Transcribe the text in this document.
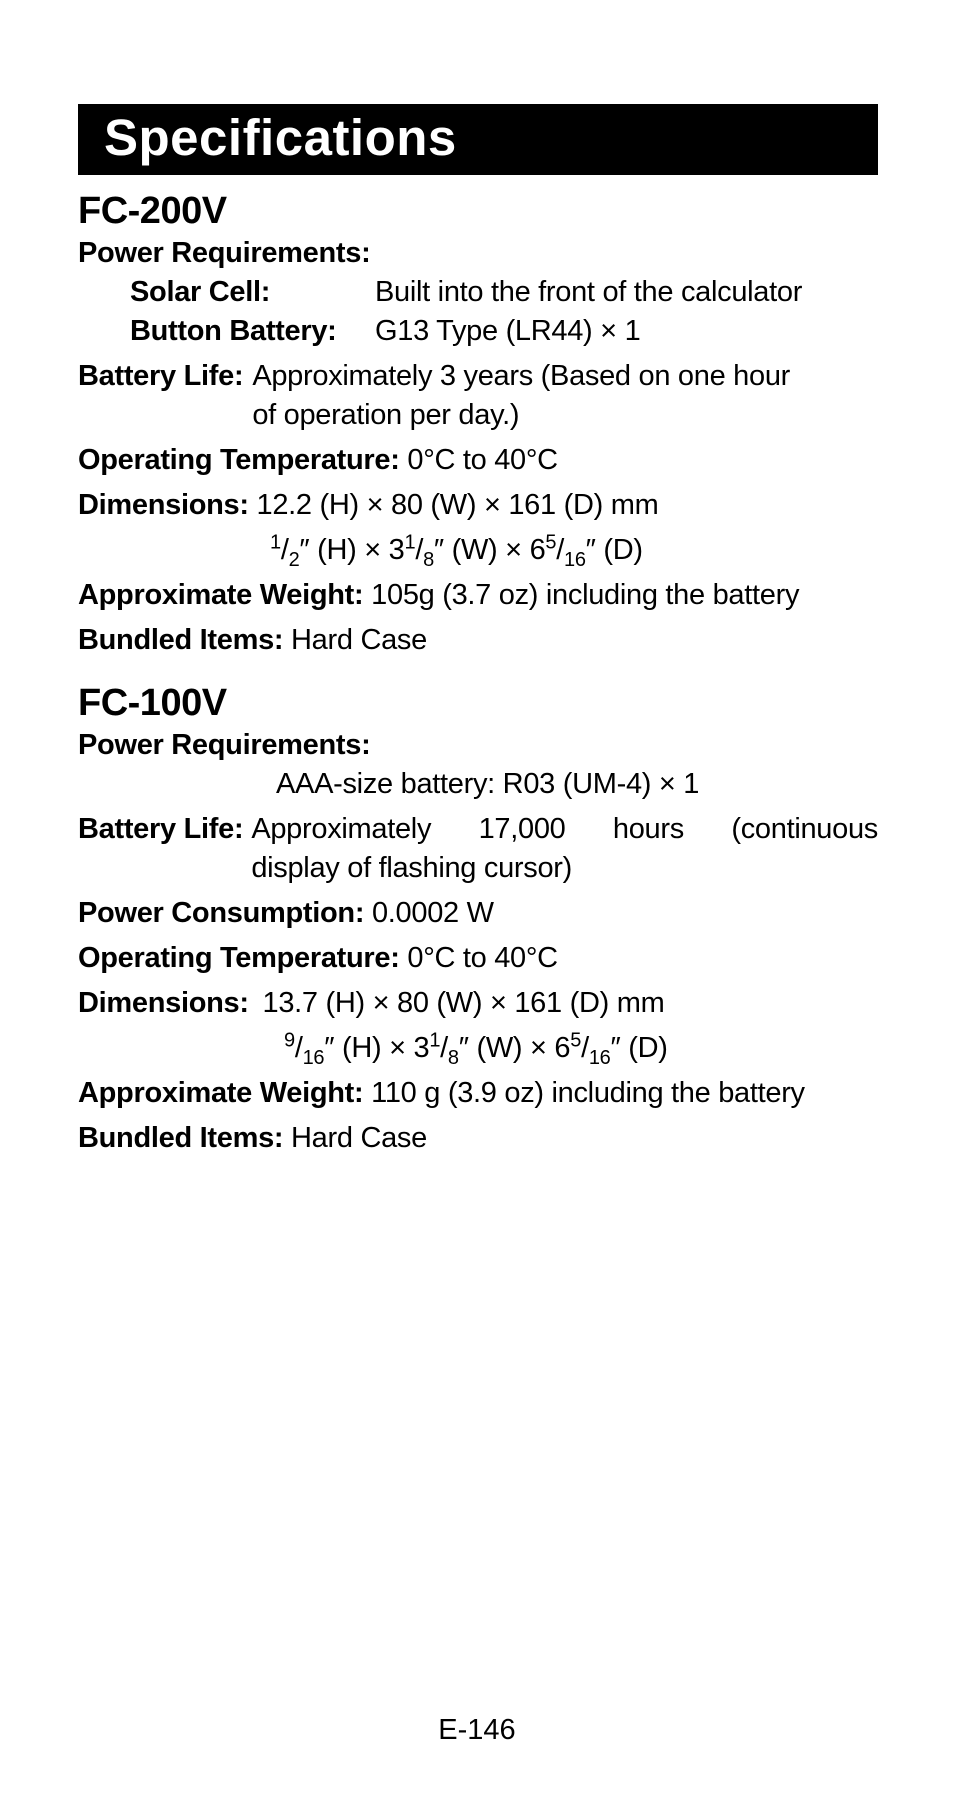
Specifications
FC-200V
Power Requirements:
Solar Cell:	Built into the front of the calculator
Button Battery:	G13 Type (LR44) × 1
Battery Life: Approximately 3 years (Based on one hour
of operation per day.)
Operating Temperature: 0°C to 40°C
Dimensions: 12.2 (H) × 80 (W) × 161 (D) mm
$^1/_2''$ $(H) \times 3^1/_8''$ $(W) \times 6^5/_{16}''$ (D)
Approximate Weight: 105g (3.7 oz) including the battery
Bundled Items: Hard Case
FC-100V
Power Requirements:
AAA-size battery: R03 (UM-4) × 1
Battery Life: Approximately 17,000 hours (continuous
display of flashing cursor)
Power Consumption: 0.0002 W
Operating Temperature: 0°C to 40°C
Dimensions: 13.7 (H) × 80 (W) × 161 (D) mm
$^9/_{16}''$ $(H) \times 3^1/_8''$ $(W) \times 6^5/_{16}''$ (D)
Approximate Weight: 110 g (3.9 oz) including the battery
Bundled Items: Hard Case
E-146
